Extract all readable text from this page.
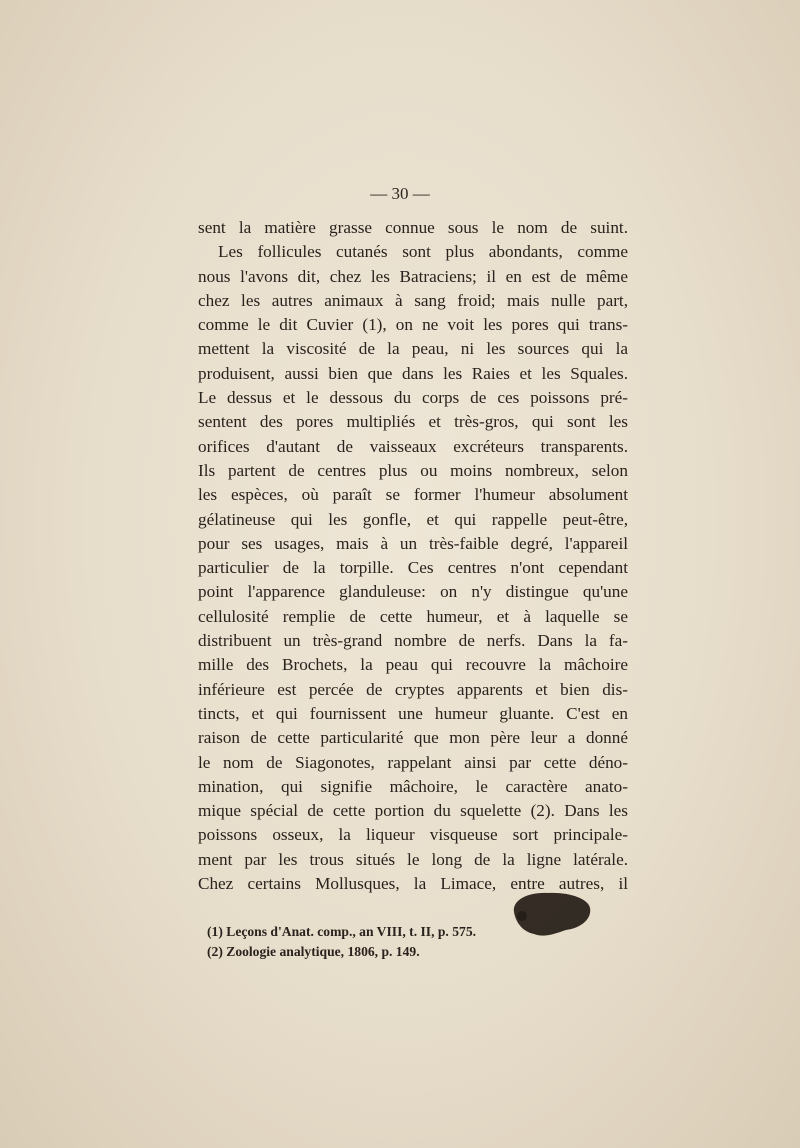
— 30 —
sent la matière grasse connue sous le nom de suint.
Les follicules cutanés sont plus abondants, comme
nous l'avons dit, chez les Batraciens; il en est de même
chez les autres animaux à sang froid; mais nulle part,
comme le dit Cuvier (1), on ne voit les pores qui trans-
mettent la viscosité de la peau, ni les sources qui la
produisent, aussi bien que dans les Raies et les Squales.
Le dessus et le dessous du corps de ces poissons pré-
sentent des pores multipliés et très-gros, qui sont les
orifices d'autant de vaisseaux excréteurs transparents.
Ils partent de centres plus ou moins nombreux, selon
les espèces, où paraît se former l'humeur absolument
gélatineuse qui les gonfle, et qui rappelle peut-être,
pour ses usages, mais à un très-faible degré, l'appareil
particulier de la torpille. Ces centres n'ont cependant
point l'apparence glanduleuse: on n'y distingue qu'une
cellulosité remplie de cette humeur, et à laquelle se
distribuent un très-grand nombre de nerfs. Dans la fa-
mille des Brochets, la peau qui recouvre la mâchoire
inférieure est percée de cryptes apparents et bien dis-
tincts, et qui fournissent une humeur gluante. C'est en
raison de cette particularité que mon père leur a donné
le nom de Siagonotes, rappelant ainsi par cette déno-
mination, qui signifie mâchoire, le caractère anato-
mique spécial de cette portion du squelette (2). Dans les
poissons osseux, la liqueur visqueuse sort principale-
ment par les trous situés le long de la ligne latérale.
Chez certains Mollusques, la Limace, entre autres, il
(1) Leçons d'Anat. comp., an VIII, t. II, p. 575.
(2) Zoologie analytique, 1806, p. 149.
